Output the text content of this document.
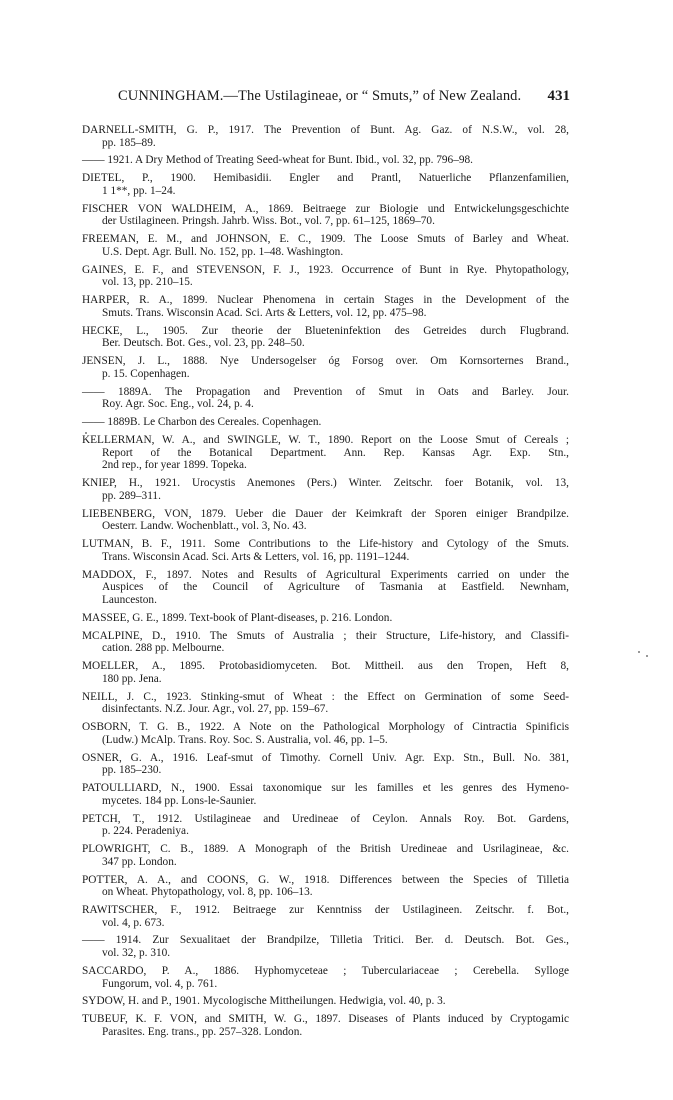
CUNNINGHAM.—The Ustilagineae, or “ Smuts,” of New Zealand. 431
DARNELL-SMITH, G. P., 1917. The Prevention of Bunt. Ag. Gaz. of N.S.W., vol. 28,
pp. 185–89.
—— 1921. A Dry Method of Treating Seed-wheat for Bunt. Ibid., vol. 32, pp. 796–98.
DIETEL, P., 1900. Hemibasidii. Engler and Prantl, Natuerliche Pflanzenfamilien,
1 1**, pp. 1–24.
FISCHER VON WALDHEIM, A., 1869. Beitraege zur Biologie und Entwickelungsgeschichte
der Ustilagineen. Pringsh. Jahrb. Wiss. Bot., vol. 7, pp. 61–125, 1869–70.
FREEMAN, E. M., and JOHNSON, E. C., 1909. The Loose Smuts of Barley and Wheat.
U.S. Dept. Agr. Bull. No. 152, pp. 1–48. Washington.
GAINES, E. F., and STEVENSON, F. J., 1923. Occurrence of Bunt in Rye. Phytopathology,
vol. 13, pp. 210–15.
HARPER, R. A., 1899. Nuclear Phenomena in certain Stages in the Development of the
Smuts. Trans. Wisconsin Acad. Sci. Arts & Letters, vol. 12, pp. 475–98.
HECKE, L., 1905. Zur theorie der Blueteninfektion des Getreides durch Flugbrand.
Ber. Deutsch. Bot. Ges., vol. 23, pp. 248–50.
JENSEN, J. L., 1888. Nye Undersogelser óg Forsog over. Om Kornsorternes Brand.,
p. 15. Copenhagen.
—— 1889A. The Propagation and Prevention of Smut in Oats and Barley. Jour.
Roy. Agr. Soc. Eng., vol. 24, p. 4.
—— 1889B. Le Charbon des Cereales. Copenhagen.
KELLERMAN, W. A., and SWINGLE, W. T., 1890. Report on the Loose Smut of Cereals ;
Report of the Botanical Department. Ann. Rep. Kansas Agr. Exp. Stn.,
2nd rep., for year 1899. Topeka.
KNIEP, H., 1921. Urocystis Anemones (Pers.) Winter. Zeitschr. foer Botanik, vol. 13,
pp. 289–311.
LIEBENBERG, VON, 1879. Ueber die Dauer der Keimkraft der Sporen einiger Brandpilze.
Oesterr. Landw. Wochenblatt., vol. 3, No. 43.
LUTMAN, B. F., 1911. Some Contributions to the Life-history and Cytology of the Smuts.
Trans. Wisconsin Acad. Sci. Arts & Letters, vol. 16, pp. 1191–1244.
MADDOX, F., 1897. Notes and Results of Agricultural Experiments carried on under the
Auspices of the Council of Agriculture of Tasmania at Eastfield. Newnham,
Launceston.
MASSEE, G. E., 1899. Text-book of Plant-diseases, p. 216. London.
MCALPINE, D., 1910. The Smuts of Australia ; their Structure, Life-history, and Classifi-
cation. 288 pp. Melbourne.
MOELLER, A., 1895. Protobasidiomyceten. Bot. Mittheil. aus den Tropen, Heft 8,
180 pp. Jena.
NEILL, J. C., 1923. Stinking-smut of Wheat : the Effect on Germination of some Seed-
disinfectants. N.Z. Jour. Agr., vol. 27, pp. 159–67.
OSBORN, T. G. B., 1922. A Note on the Pathological Morphology of Cintractia Spinificis
(Ludw.) McAlp. Trans. Roy. Soc. S. Australia, vol. 46, pp. 1–5.
OSNER, G. A., 1916. Leaf-smut of Timothy. Cornell Univ. Agr. Exp. Stn., Bull. No. 381,
pp. 185–230.
PATOULLIARD, N., 1900. Essai taxonomique sur les familles et les genres des Hymeno-
mycetes. 184 pp. Lons-le-Saunier.
PETCH, T., 1912. Ustilagineae and Uredineae of Ceylon. Annals Roy. Bot. Gardens,
p. 224. Peradeniya.
PLOWRIGHT, C. B., 1889. A Monograph of the British Uredineae and Usrilagineae, &c.
347 pp. London.
POTTER, A. A., and COONS, G. W., 1918. Differences between the Species of Tilletia
on Wheat. Phytopathology, vol. 8, pp. 106–13.
RAWITSCHER, F., 1912. Beitraege zur Kenntniss der Ustilagineen. Zeitschr. f. Bot.,
vol. 4, p. 673.
—— 1914. Zur Sexualitaet der Brandpilze, Tilletia Tritici. Ber. d. Deutsch. Bot. Ges.,
vol. 32, p. 310.
SACCARDO, P. A., 1886. Hyphomyceteae ; Tuberculariaceae ; Cerebella. Sylloge
Fungorum, vol. 4, p. 761.
SYDOW, H. and P., 1901. Mycologische Mittheilungen. Hedwigia, vol. 40, p. 3.
TUBEUF, K. F. VON, and SMITH, W. G., 1897. Diseases of Plants induced by Cryptogamic
Parasites. Eng. trans., pp. 257–328. London.
